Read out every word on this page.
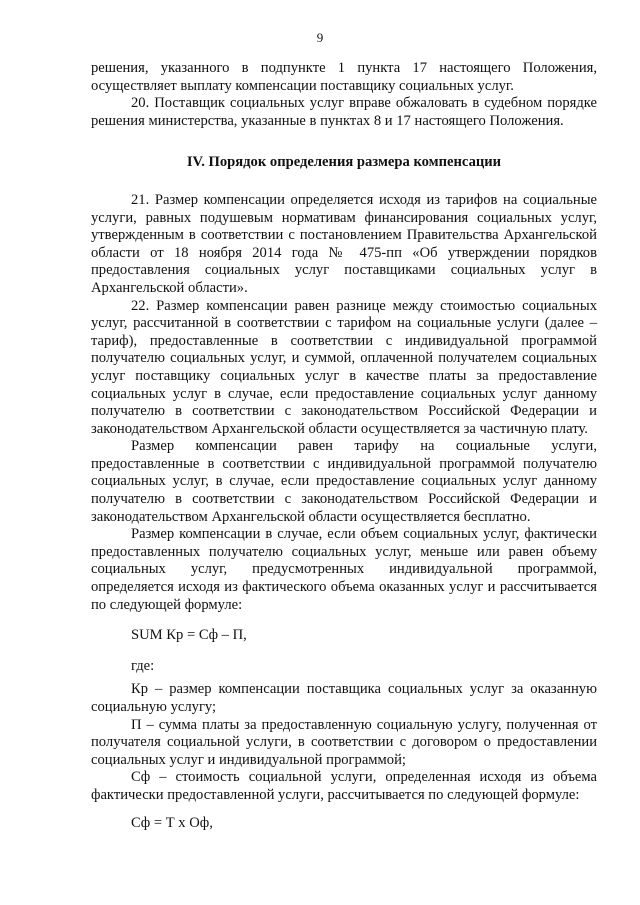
9

решения, указанного в подпункте 1 пункта 17 настоящего Положения, осуществляет выплату компенсации поставщику социальных услуг.

20. Поставщик социальных услуг вправе обжаловать в судебном порядке решения министерства, указанные в пунктах 8 и 17 настоящего Положения.

IV. Порядок определения размера компенсации

21. Размер компенсации определяется исходя из тарифов на социальные услуги, равных подушевым нормативам финансирования социальных услуг, утвержденным в соответствии с постановлением Правительства Архангельской области от 18 ноября 2014 года № 475-пп «Об утверждении порядков предоставления социальных услуг поставщиками социальных услуг в Архангельской области».

22. Размер компенсации равен разнице между стоимостью социальных услуг, рассчитанной в соответствии с тарифом на социальные услуги (далее – тариф), предоставленные в соответствии с индивидуальной программой получателю социальных услуг, и суммой, оплаченной получателем социальных услуг поставщику социальных услуг в качестве платы за предоставление социальных услуг в случае, если предоставление социальных услуг данному получателю в соответствии с законодательством Российской Федерации и законодательством Архангельской области осуществляется за частичную плату.

Размер компенсации равен тарифу на социальные услуги, предоставленные в соответствии с индивидуальной программой получателю социальных услуг, в случае, если предоставление социальных услуг данному получателю в соответствии с законодательством Российской Федерации и законодательством Архангельской области осуществляется бесплатно.

Размер компенсации в случае, если объем социальных услуг, фактически предоставленных получателю социальных услуг, меньше или равен объему социальных услуг, предусмотренных индивидуальной программой, определяется исходя из фактического объема оказанных услуг и рассчитывается по следующей формуле:

SUM Кр = Сф – П,

где:

Кр – размер компенсации поставщика социальных услуг за оказанную социальную услугу;

П – сумма платы за предоставленную социальную услугу, полученная от получателя социальной услуги, в соответствии с договором о предоставлении социальных услуг и индивидуальной программой;

Сф – стоимость социальной услуги, определенная исходя из объема фактически предоставленной услуги, рассчитывается по следующей формуле:

Сф = Т х Оф,
